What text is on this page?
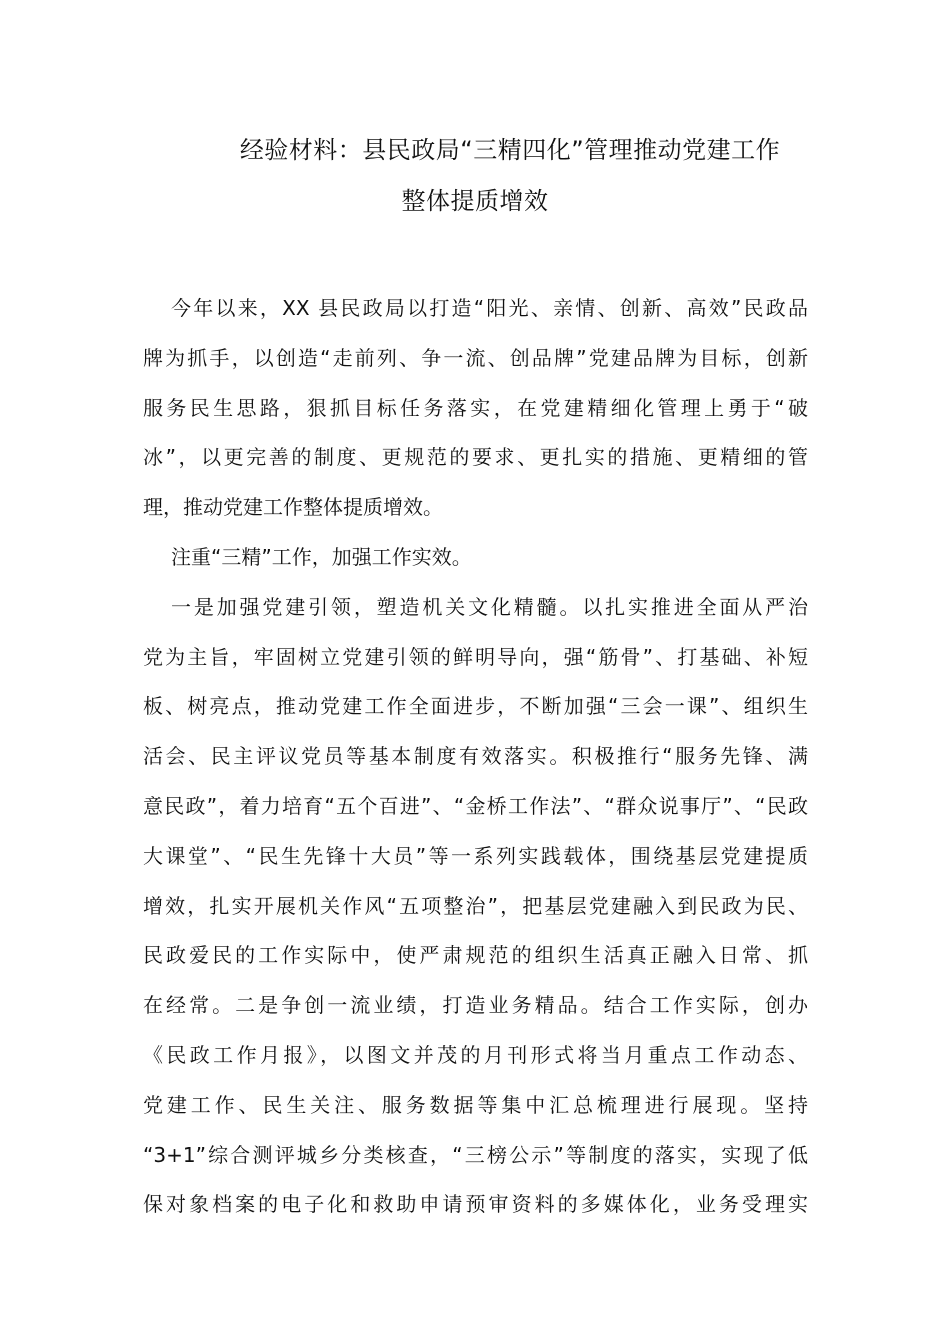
经验材料：县民政局“三精四化”管理推动党建工作
整体提质增效
今年以来，XX 县民政局以打造“阳光、亲情、创新、高效”民政品
牌为抓手，以创造“走前列、争一流、创品牌”党建品牌为目标，创新
服务民生思路，狠抓目标任务落实，在党建精细化管理上勇于“破
冰”，以更完善的制度、更规范的要求、更扎实的措施、更精细的管
理，推动党建工作整体提质增效。
注重“三精”工作，加强工作实效。
一是加强党建引领，塑造机关文化精髓。以扎实推进全面从严治
党为主旨，牢固树立党建引领的鲜明导向，强“筋骨”、打基础、补短
板、树亮点，推动党建工作全面进步，不断加强“三会一课”、组织生
活会、民主评议党员等基本制度有效落实。积极推行“服务先锋、满
意民政”，着力培育“五个百进”、“金桥工作法”、“群众说事厅”、“民政
大课堂”、“民生先锋十大员”等一系列实践载体，围绕基层党建提质
增效，扎实开展机关作风“五项整治”，把基层党建融入到民政为民、
民政爱民的工作实际中，使严肃规范的组织生活真正融入日常、抓
在经常。二是争创一流业绩，打造业务精品。结合工作实际，创办
《民政工作月报》，以图文并茂的月刊形式将当月重点工作动态、
党建工作、民生关注、服务数据等集中汇总梳理进行展现。坚持
“3+1”综合测评城乡分类核查，“三榜公示”等制度的落实，实现了低
保对象档案的电子化和救助申请预审资料的多媒体化，业务受理实
